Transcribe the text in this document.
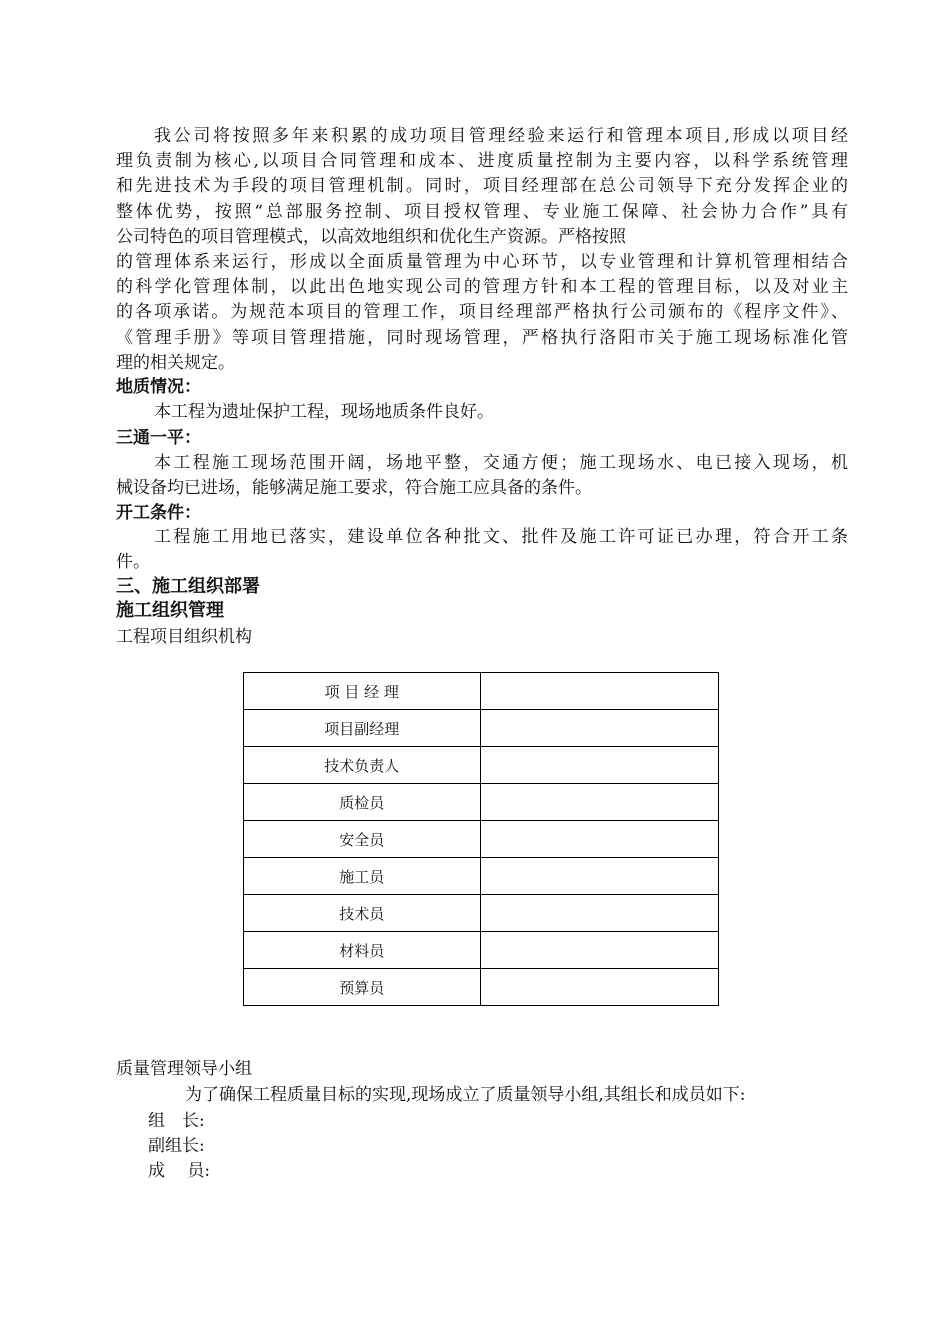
我公司将按照多年来积累的成功项目管理经验来运行和管理本项目,形成以项目经
理负责制为核心,以项目合同管理和成本、进度质量控制为主要内容，以科学系统管理
和先进技术为手段的项目管理机制。同时，项目经理部在总公司领导下充分发挥企业的
整体优势，按照“总部服务控制、项目授权管理、专业施工保障、社会协力合作”具有
公司特色的项目管理模式，以高效地组织和优化生产资源。严格按照
的管理体系来运行，形成以全面质量管理为中心环节，以专业管理和计算机管理相结合
的科学化管理体制，以此出色地实现公司的管理方针和本工程的管理目标，以及对业主
的各项承诺。为规范本项目的管理工作，项目经理部严格执行公司颁布的《程序文件》、
《管理手册》等项目管理措施，同时现场管理，严格执行洛阳市关于施工现场标准化管
理的相关规定。
地质情况：
本工程为遗址保护工程，现场地质条件良好。
三通一平：
本工程施工现场范围开阔，场地平整，交通方便；施工现场水、电已接入现场，机
械设备均已进场，能够满足施工要求，符合施工应具备的条件。
开工条件：
工程施工用地已落实，建设单位各种批文、批件及施工许可证已办理，符合开工条
件。
三、施工组织部署
施工组织管理
工程项目组织机构
项 目 经 理	
项目副经理	
技术负责人	
质检员	
安全员	
施工员	
技术员	
材料员	
预算员	
质量管理领导小组
为了确保工程质量目标的实现,现场成立了质量领导小组,其组长和成员如下:
组　长:
副组长:
成　 员:
